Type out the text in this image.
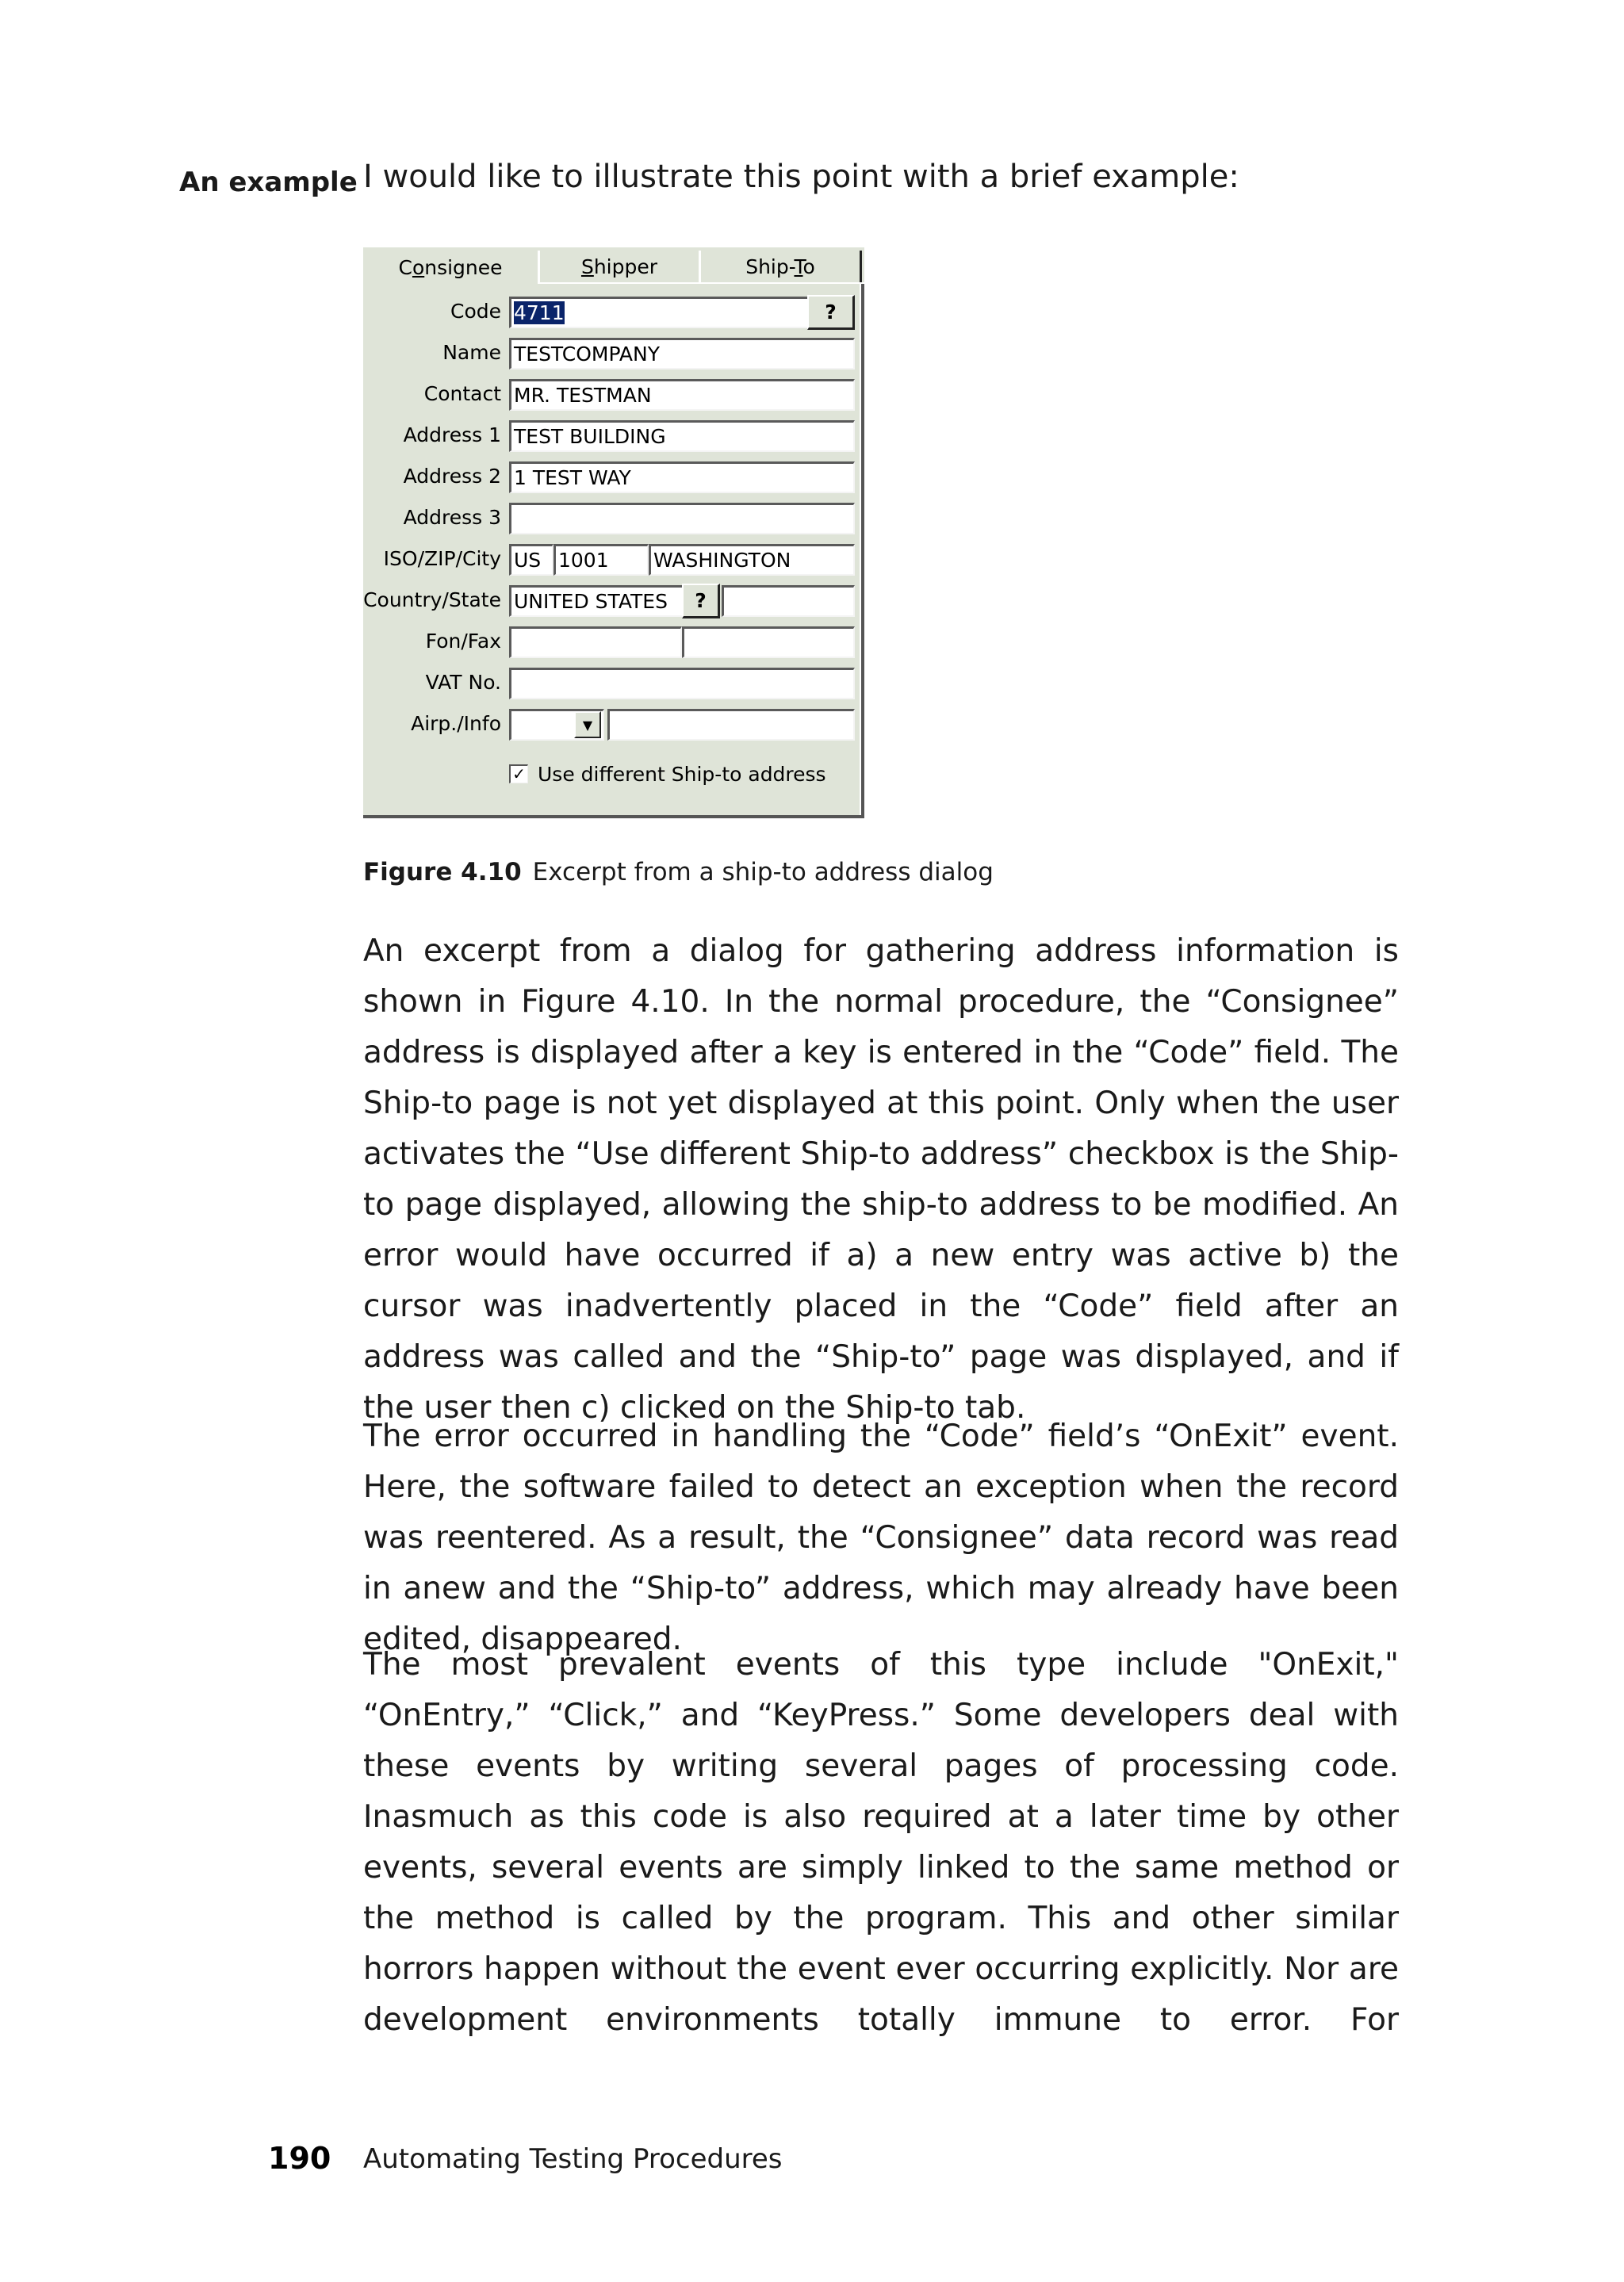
An example I would like to illustrate this point with a brief example:
Consignee	Shipper	Ship-To
Code 4711	?
Name TESTCOMPANY
Contact MR. TESTMAN
Address 1 TEST BUILDING
Address 2 1 TEST WAY
Address 3
ISO/ZIP/City US 1001	WASHINGTON
Country/State UNITED STATES	?
Fon/Fax
VAT No.
Airp./Info	▼
✓ Use different Ship-to address
Figure 4.10 Excerpt from a ship-to address dialog

An excerpt from a dialog for gathering address information is shown in Figure 4.10. In the normal procedure, the “Consignee” address is displayed after a key is entered in the “Code” field. The Ship-to page is not yet displayed at this point. Only when the user activates the “Use different Ship-to address” checkbox is the Ship-to page displayed, allowing the ship-to address to be modified. An error would have occurred if a) a new entry was active b) the cursor was inadvertently placed in the “Code” field after an address was called and the “Ship-to” page was displayed, and if the user then c) clicked on the Ship-to tab.

The error occurred in handling the “Code” field’s “OnExit” event. Here, the software failed to detect an exception when the record was reentered. As a result, the “Consignee” data record was read in anew and the “Ship-to” address, which may already have been edited, disappeared.

The most prevalent events of this type include "OnExit," “OnEntry,” “Click,” and “KeyPress.” Some developers deal with these events by writing several pages of processing code. Inasmuch as this code is also required at a later time by other events, several events are simply linked to the same method or the method is called by the program. This and other similar horrors happen without the event ever occurring explicitly. Nor are development environments totally immune to error. For

190 Automating Testing Procedures
